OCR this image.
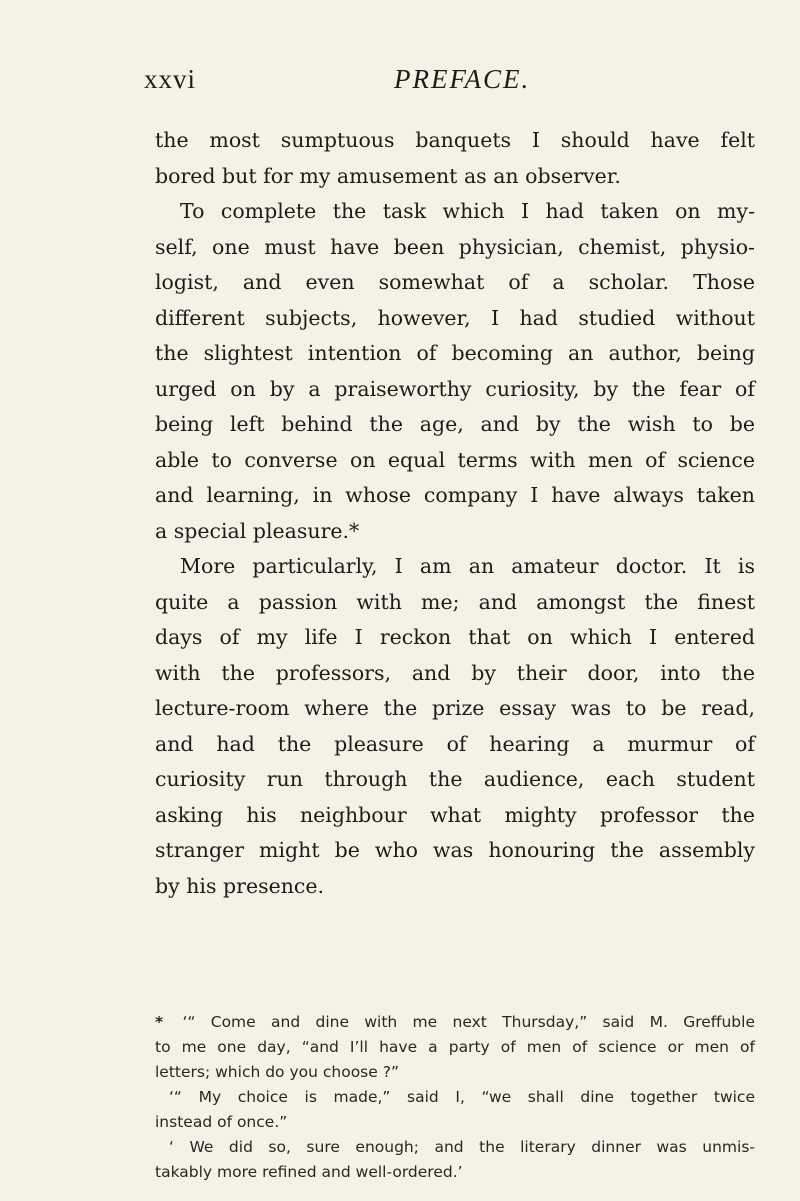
xxvi	PREFACE.
the most sumptuous banquets I should have felt
bored but for my amusement as an observer.
To complete the task which I had taken on my-
self, one must have been physician, chemist, physio-
logist, and even somewhat of a scholar. Those
different subjects, however, I had studied without
the slightest intention of becoming an author, being
urged on by a praiseworthy curiosity, by the fear of
being left behind the age, and by the wish to be
able to converse on equal terms with men of science
and learning, in whose company I have always taken
a special pleasure.*
More particularly, I am an amateur doctor. It is
quite a passion with me; and amongst the finest
days of my life I reckon that on which I entered
with the professors, and by their door, into the
lecture-room where the prize essay was to be read,
and had the pleasure of hearing a murmur of
curiosity run through the audience, each student
asking his neighbour what mighty professor the
stranger might be who was honouring the assembly
by his presence.
* ‘“ Come and dine with me next Thursday,” said M. Greffuble
to me one day, “and I’ll have a party of men of science or men of
letters; which do you choose ?”
‘“ My choice is made,” said I, “we shall dine together twice
instead of once.”
‘ We did so, sure enough; and the literary dinner was unmis-
takably more refined and well-ordered.’
